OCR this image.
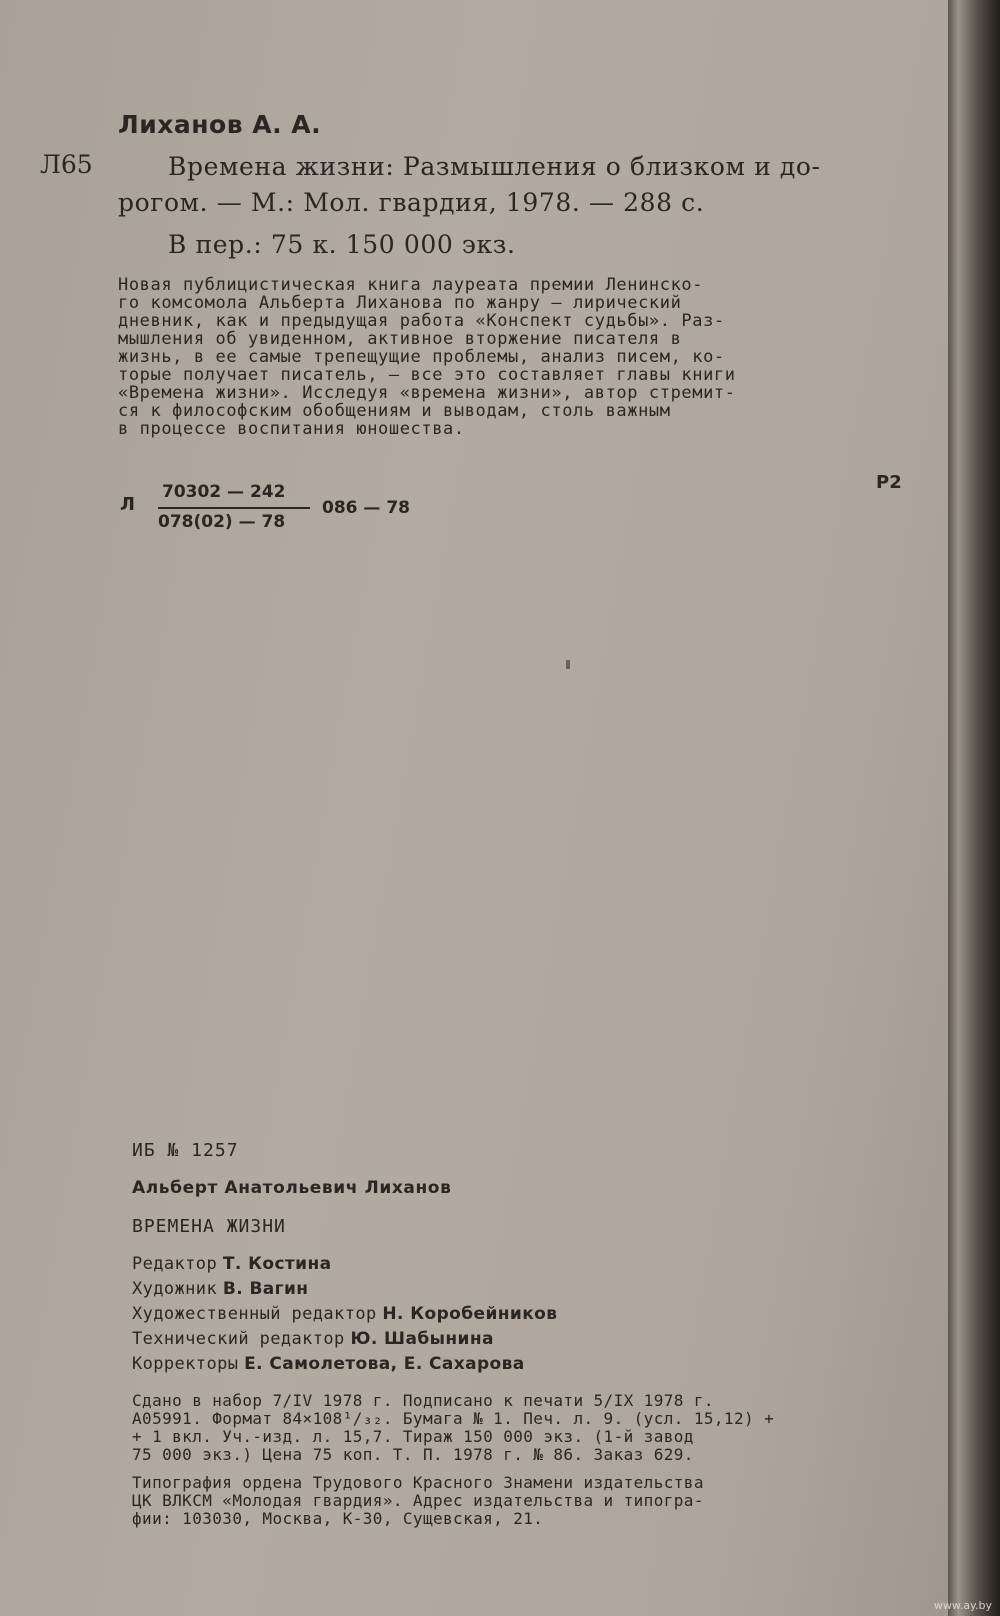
Лиханов А. А.
Л65	Времена жизни: Размышления о близком и до-
рогом. — М.: Мол. гвардия, 1978. — 288 с.
В пер.: 75 к. 150 000 экз.
Новая публицистическая книга лауреата премии Ленинско-
го комсомола Альберта Лиханова по жанру — лирический
дневник, как и предыдущая работа «Конспект судьбы». Раз-
мышления об увиденном, активное вторжение писателя в
жизнь, в ее самые трепещущие проблемы, анализ писем, ко-
торые получает писатель, — все это составляет главы книги
«Времена жизни». Исследуя «времена жизни», автор стремит-
ся к философским обобщениям и выводам, столь важным
в процессе воспитания юношества.
Р2
Л
70302 — 242
078(02) — 78
086 — 78
ИБ № 1257
Альберт Анатольевич Лиханов
ВРЕМЕНА ЖИЗНИ
Редактор Т. Костина
Художник В. Вагин
Художественный редактор Н. Коробейников
Технический редактор Ю. Шабынина
Корректоры Е. Самолетова, Е. Сахарова
Сдано в набор 7/IV 1978 г. Подписано к печати 5/IX 1978 г.
А05991. Формат 84×108¹/₃₂. Бумага № 1. Печ. л. 9. (усл. 15,12) +
+ 1 вкл. Уч.-изд. л. 15,7. Тираж 150 000 экз. (1-й завод
75 000 экз.) Цена 75 коп. Т. П. 1978 г. № 86. Заказ 629.
Типография ордена Трудового Красного Знамени издательства
ЦК ВЛКСМ «Молодая гвардия». Адрес издательства и типогра-
фии: 103030, Москва, К-30, Сущевская, 21.
www.ay.by
